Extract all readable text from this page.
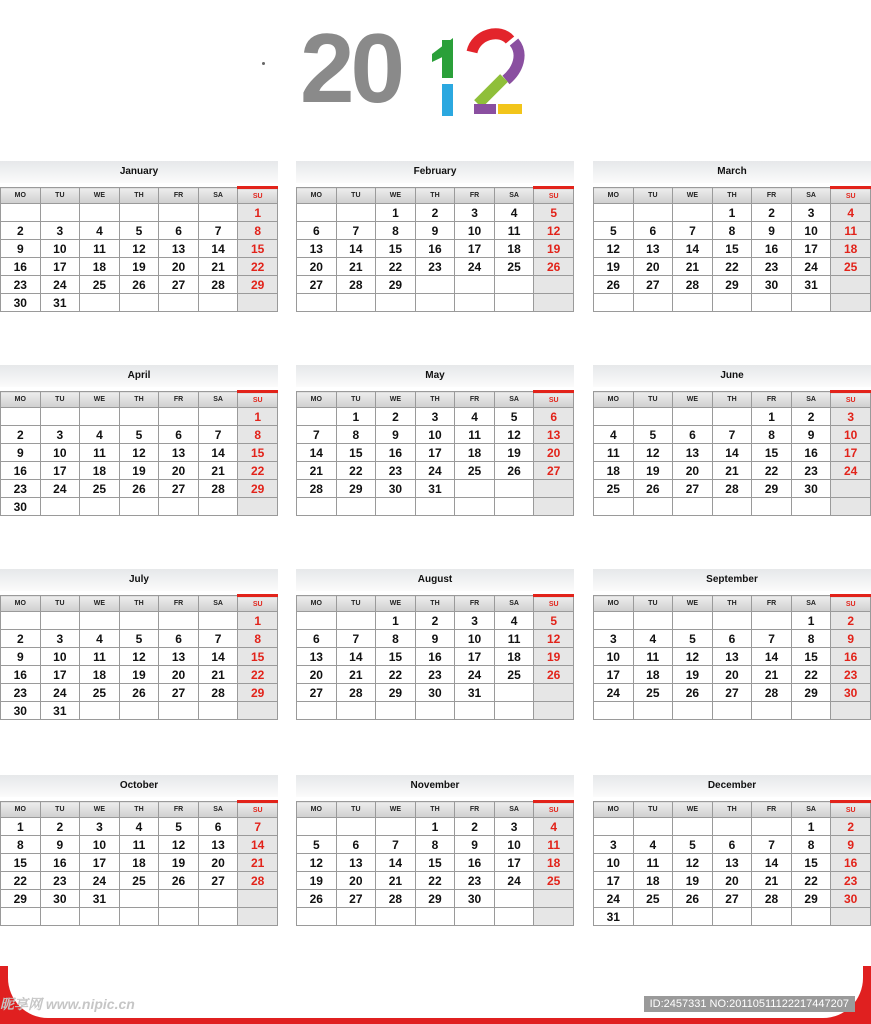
20
January
MO	TU	WE	TH	FR	SA	SU
						1
2	3	4	5	6	7	8
9	10	11	12	13	14	15
16	17	18	19	20	21	22
23	24	25	26	27	28	29
30	31					
February
MO	TU	WE	TH	FR	SA	SU
		1	2	3	4	5
6	7	8	9	10	11	12
13	14	15	16	17	18	19
20	21	22	23	24	25	26
27	28	29				

March
MO	TU	WE	TH	FR	SA	SU
			1	2	3	4
5	6	7	8	9	10	11
12	13	14	15	16	17	18
19	20	21	22	23	24	25
26	27	28	29	30	31	

April
MO	TU	WE	TH	FR	SA	SU
						1
2	3	4	5	6	7	8
9	10	11	12	13	14	15
16	17	18	19	20	21	22
23	24	25	26	27	28	29
30						
May
MO	TU	WE	TH	FR	SA	SU
	1	2	3	4	5	6
7	8	9	10	11	12	13
14	15	16	17	18	19	20
21	22	23	24	25	26	27
28	29	30	31			

June
MO	TU	WE	TH	FR	SA	SU
				1	2	3
4	5	6	7	8	9	10
11	12	13	14	15	16	17
18	19	20	21	22	23	24
25	26	27	28	29	30	

July
MO	TU	WE	TH	FR	SA	SU
						1
2	3	4	5	6	7	8
9	10	11	12	13	14	15
16	17	18	19	20	21	22
23	24	25	26	27	28	29
30	31					
August
MO	TU	WE	TH	FR	SA	SU
		1	2	3	4	5
6	7	8	9	10	11	12
13	14	15	16	17	18	19
20	21	22	23	24	25	26
27	28	29	30	31		

September
MO	TU	WE	TH	FR	SA	SU
					1	2
3	4	5	6	7	8	9
10	11	12	13	14	15	16
17	18	19	20	21	22	23
24	25	26	27	28	29	30

October
MO	TU	WE	TH	FR	SA	SU
1	2	3	4	5	6	7
8	9	10	11	12	13	14
15	16	17	18	19	20	21
22	23	24	25	26	27	28
29	30	31				

November
MO	TU	WE	TH	FR	SA	SU
			1	2	3	4
5	6	7	8	9	10	11
12	13	14	15	16	17	18
19	20	21	22	23	24	25
26	27	28	29	30		

December
MO	TU	WE	TH	FR	SA	SU
					1	2
3	4	5	6	7	8	9
10	11	12	13	14	15	16
17	18	19	20	21	22	23
24	25	26	27	28	29	30
31						
昵享网 www.nipic.cn	ID:2457331 NO:20110511122217447207
